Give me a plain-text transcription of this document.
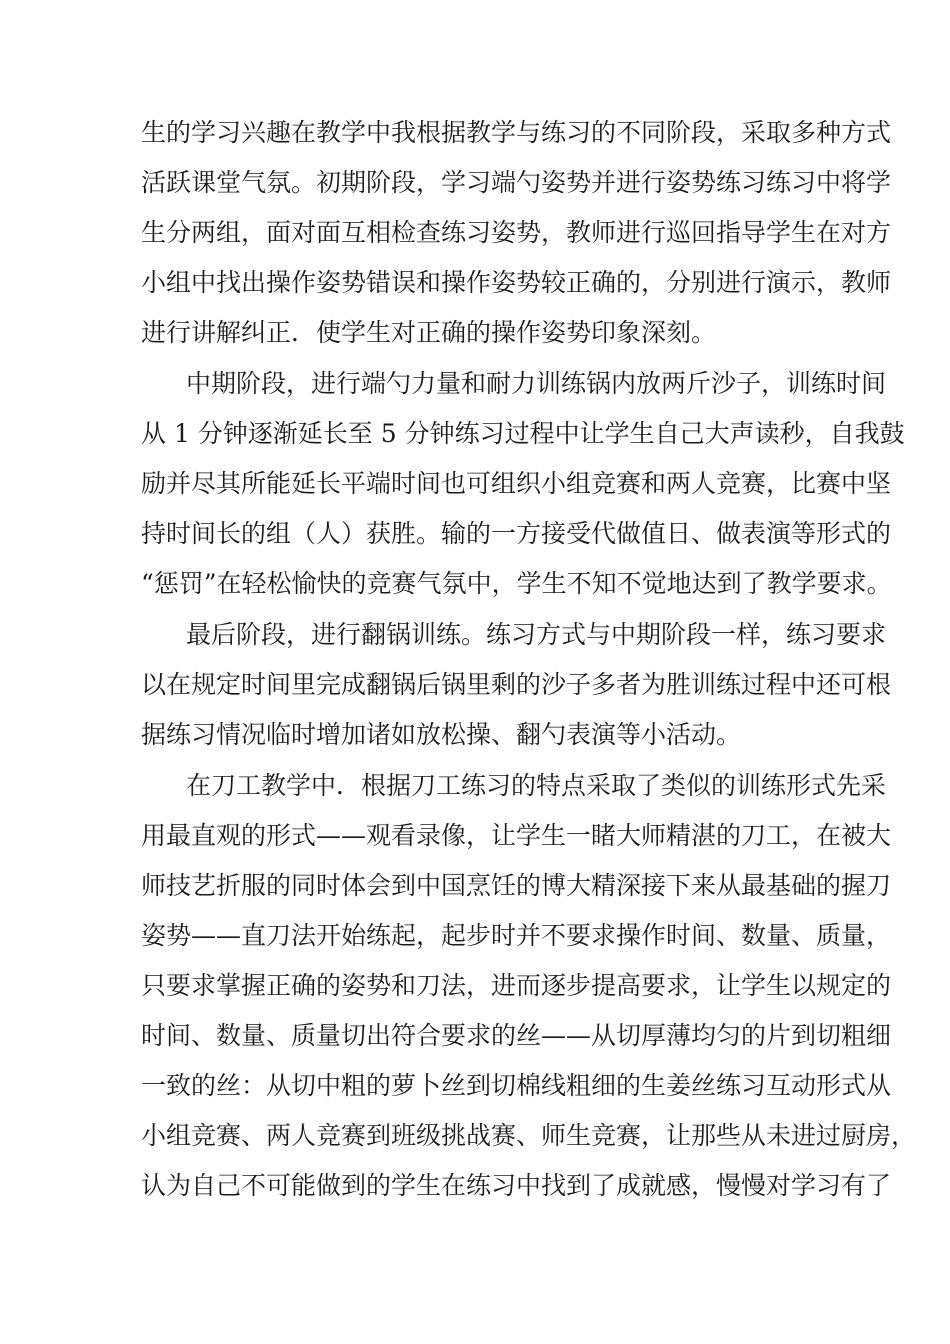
生的学习兴趣在教学中我根据教学与练习的不同阶段，采取多种方式
活跃课堂气氛。初期阶段，学习端勺姿势并进行姿势练习练习中将学
生分两组，面对面互相检查练习姿势，教师进行巡回指导学生在对方
小组中找出操作姿势错误和操作姿势较正确的，分别进行演示，教师
进行讲解纠正．使学生对正确的操作姿势印象深刻。
中期阶段，进行端勺力量和耐力训练锅内放两斤沙子，训练时间
从 1 分钟逐渐延长至 5 分钟练习过程中让学生自己大声读秒，自我鼓
励并尽其所能延长平端时间也可组织小组竞赛和两人竞赛，比赛中坚
持时间长的组（人）获胜。输的一方接受代做值日、做表演等形式的
“惩罚”在轻松愉快的竞赛气氛中，学生不知不觉地达到了教学要求。
最后阶段，进行翻锅训练。练习方式与中期阶段一样，练习要求
以在规定时间里完成翻锅后锅里剩的沙子多者为胜训练过程中还可根
据练习情况临时增加诸如放松操、翻勺表演等小活动。
在刀工教学中．根据刀工练习的特点采取了类似的训练形式先采
用最直观的形式——观看录像，让学生一睹大师精湛的刀工，在被大
师技艺折服的同时体会到中国烹饪的博大精深接下来从最基础的握刀
姿势——直刀法开始练起，起步时并不要求操作时间、数量、质量，
只要求掌握正确的姿势和刀法，进而逐步提高要求，让学生以规定的
时间、数量、质量切出符合要求的丝——从切厚薄均匀的片到切粗细
一致的丝：从切中粗的萝卜丝到切棉线粗细的生姜丝练习互动形式从
小组竞赛、两人竞赛到班级挑战赛、师生竞赛，让那些从未进过厨房，
认为自己不可能做到的学生在练习中找到了成就感，慢慢对学习有了
